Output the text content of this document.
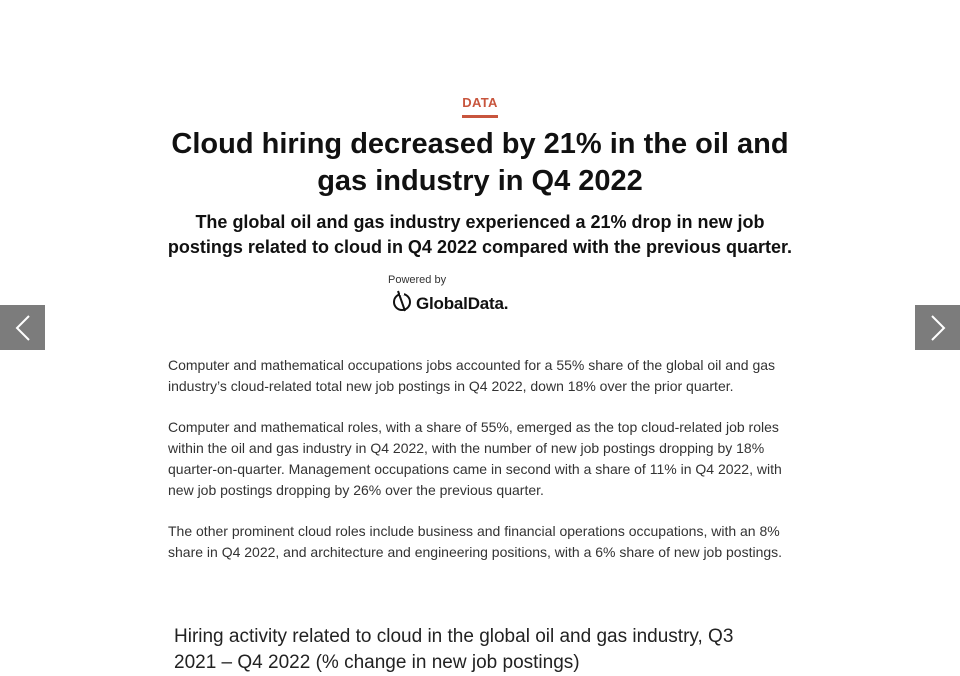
DATA
Cloud hiring decreased by 21% in the oil and gas industry in Q4 2022
The global oil and gas industry experienced a 21% drop in new job postings related to cloud in Q4 2022 compared with the previous quarter.
Powered by
GlobalData.

Computer and mathematical occupations jobs accounted for a 55% share of the global oil and gas industry’s cloud-related total new job postings in Q4 2022, down 18% over the prior quarter.

Computer and mathematical roles, with a share of 55%, emerged as the top cloud-related job roles within the oil and gas industry in Q4 2022, with the number of new job postings dropping by 18% quarter-on-quarter. Management occupations came in second with a share of 11% in Q4 2022, with new job postings dropping by 26% over the previous quarter.

The other prominent cloud roles include business and financial operations occupations, with an 8% share in Q4 2022, and architecture and engineering positions, with a 6% share of new job postings.

Hiring activity related to cloud in the global oil and gas industry, Q3 2021 – Q4 2022 (% change in new job postings)
